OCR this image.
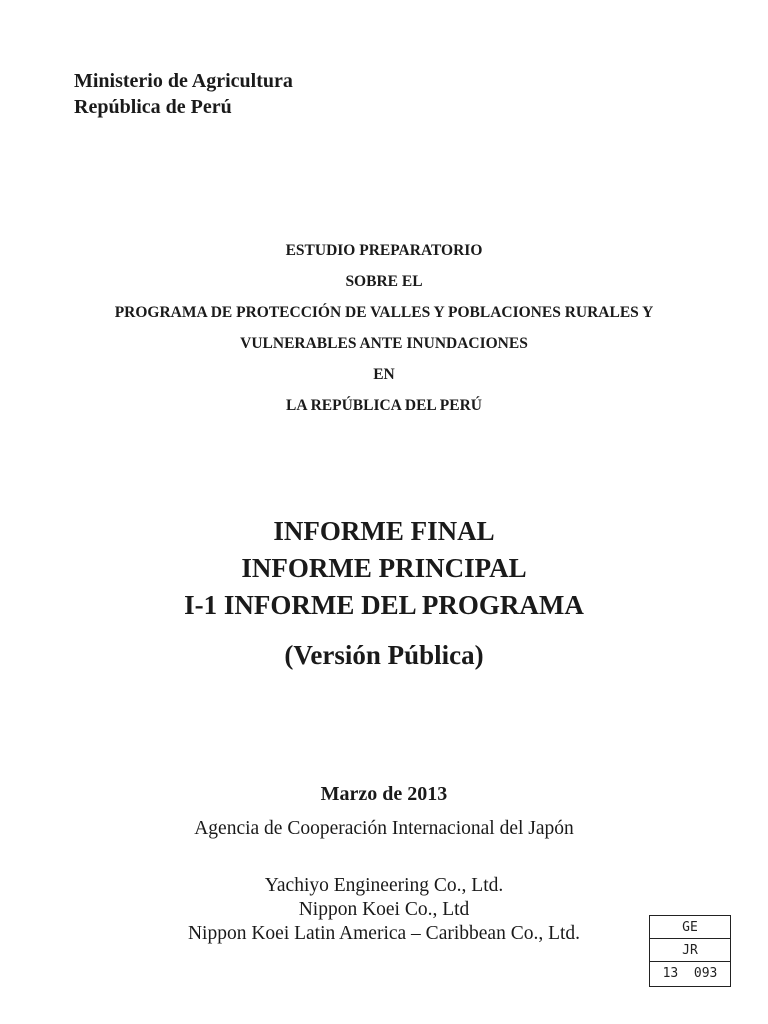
Ministerio de Agricultura
República de Perú
ESTUDIO PREPARATORIO
SOBRE EL
PROGRAMA DE PROTECCIÓN DE VALLES Y POBLACIONES RURALES Y
VULNERABLES ANTE INUNDACIONES
EN
LA REPÚBLICA DEL PERÚ
INFORME FINAL
INFORME PRINCIPAL
I-1 INFORME DEL PROGRAMA
(Versión Pública)
Marzo de 2013
Agencia de Cooperación Internacional del Japón
Yachiyo Engineering Co., Ltd.
Nippon Koei Co., Ltd
Nippon Koei Latin America – Caribbean Co., Ltd.	GE
JR
13  093
